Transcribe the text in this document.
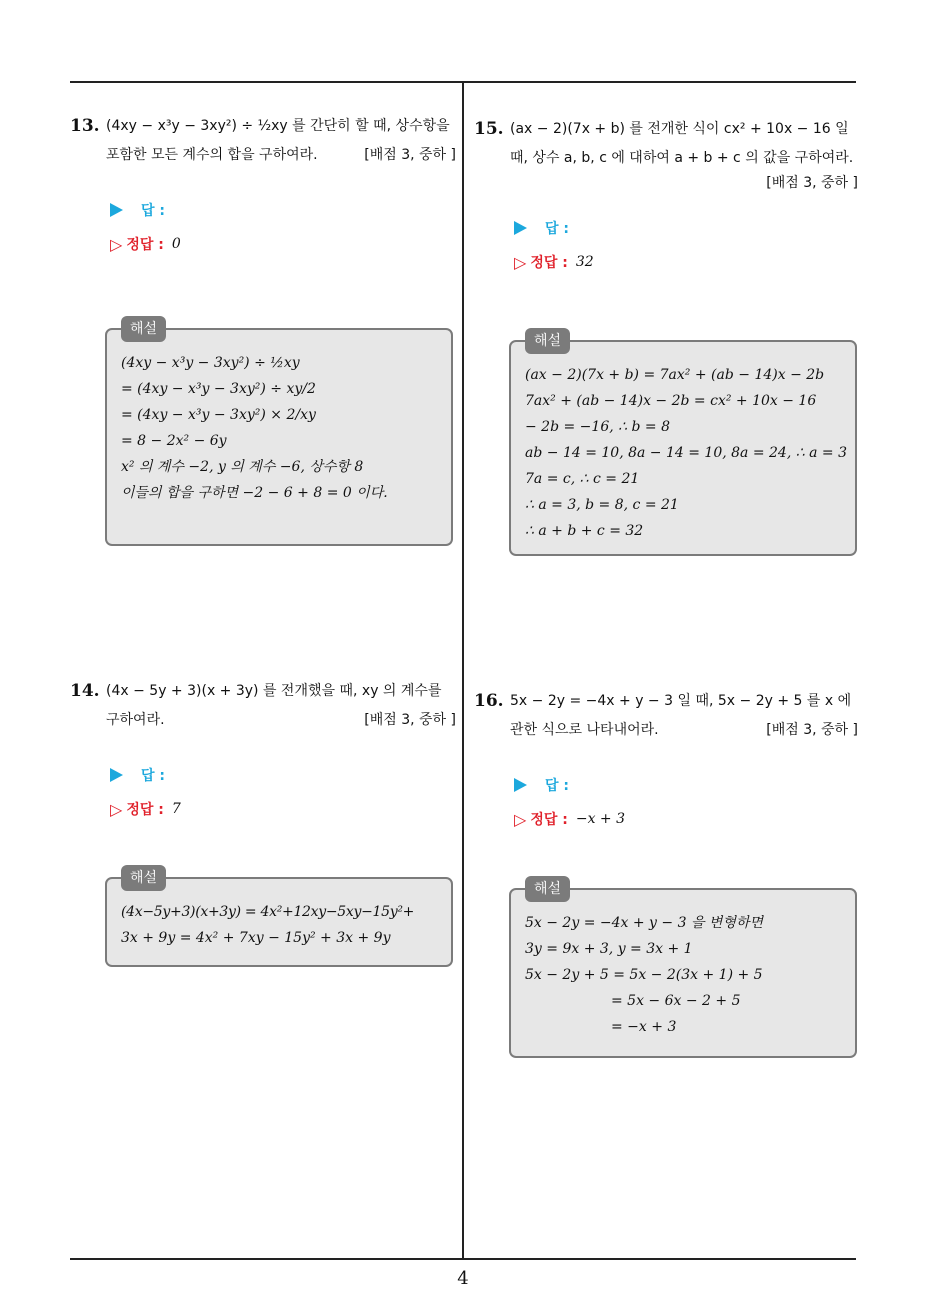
13. (4xy − x³y − 3xy²) ÷ ½xy 를 간단히 할 때, 상수항을
포함한 모든 계수의 합을 구하여라.	[배점 3, 중하 ]
답 :
▷ 정답 : 0
해설
(4xy − x³y − 3xy²) ÷ ½xy
= (4xy − x³y − 3xy²) ÷ xy/2
= (4xy − x³y − 3xy²) × 2/xy
= 8 − 2x² − 6y
x² 의 계수 −2, y 의 계수 −6, 상수항 8
이들의 합을 구하면 −2 − 6 + 8 = 0 이다.
14. (4x − 5y + 3)(x + 3y) 를 전개했을 때, xy 의 계수를
구하여라.	[배점 3, 중하 ]
답 :
▷ 정답 : 7
해설
(4x−5y+3)(x+3y) = 4x²+12xy−5xy−15y²+
3x + 9y = 4x² + 7xy − 15y² + 3x + 9y
15. (ax − 2)(7x + b) 를 전개한 식이 cx² + 10x − 16 일
때, 상수 a, b, c 에 대하여 a + b + c 의 값을 구하여라.
[배점 3, 중하 ]
답 :
▷ 정답 : 32
해설
(ax − 2)(7x + b) = 7ax² + (ab − 14)x − 2b
7ax² + (ab − 14)x − 2b = cx² + 10x − 16
− 2b = −16, ∴ b = 8
ab − 14 = 10, 8a − 14 = 10, 8a = 24, ∴ a = 3
7a = c, ∴ c = 21
∴ a = 3, b = 8, c = 21
∴ a + b + c = 32
16. 5x − 2y = −4x + y − 3 일 때, 5x − 2y + 5 를 x 에
관한 식으로 나타내어라.	[배점 3, 중하 ]
답 :
▷ 정답 : −x + 3
해설
5x − 2y = −4x + y − 3 을 변형하면
3y = 9x + 3, y = 3x + 1
5x − 2y + 5 = 5x − 2(3x + 1) + 5
= 5x − 6x − 2 + 5
= −x + 3
4
